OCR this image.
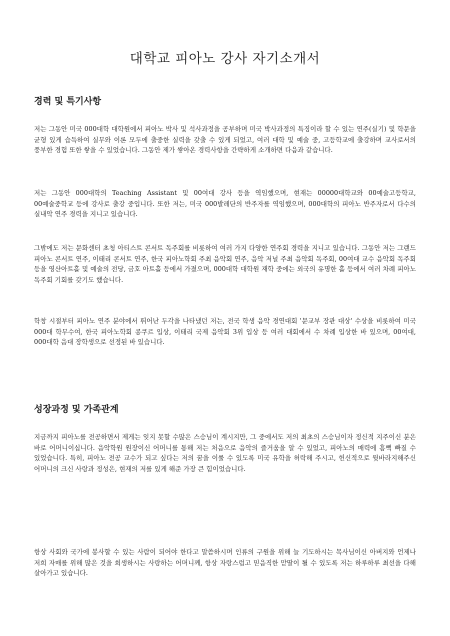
대학교 피아노 강사 자기소개서
경력 및 특기사항

저는 그동안 미국 000대학 대학원에서 피아노 박사 및 석사과정을 공부하며 미국 박사과정의 특징이라 할 수 있는 연주(실기) 및 학문을 균형 있게 습득하여 실무와 이론 모두에 출중한 실력을 갖출 수 있게 되었고, 여러 대학 및 예술 중, 고등학교에 출강하며 교사로서의 풍부한 경험 또한 쌓을 수 있었습니다. 그동안 제가 쌓아온 경력사항을 간략하게 소개하면 다음과 같습니다.

저는 그동안 000대학의 Teaching Assistant 및 00여대 강사 등을 역임했으며, 현재는 00000대학교와 00예술고등학교, 00예술중학교 등에 강사로 출강 중입니다. 또한 저는, 미국 000발레단의 반주자를 역임했으며, 000대학의 피아노 반주자로서 다수의 실내악 연주 경력을 지니고 있습니다.

그밖에도 저는 문화센터 초청 아티스트 콘서트 독주회를 비롯하여 여러 가지 다양한 연주회 경력을 지니고 있습니다. 그동안 저는 그랜드 피아노 콘서트 연주, 이태리 콘서트 연주, 한국 피아노학회 주최 음악회 연주, 음악 저널 주최 음악회 독주회, 00여대 교수 음악회 독주회 등을 영산아트홀 및 예술의 전당, 금호 아트홀 등에서 가졌으며, 000대학 대학원 재학 중에는 외국의 유명한 홀 등에서 여러 차례 피아노 독주회 기회를 갖기도 했습니다.

학창 시절부터 피아노 연주 분야에서 뛰어난 두각을 나타냈던 저는, 전국 학생 음악 경연대회 '문교부 장관 대상' 수상을 비롯하여 미국 000대 학무수여, 한국 피아노학회 콩쿠르 입상, 이태리 국제 음악회 3위 입상 등 여러 대회에서 수 차례 입상한 바 있으며, 00여대, 000대학 음대 장학생으로 선정된 바 있습니다.

성장과정 및 가족관계

지금까지 피아노를 전공하면서 제게는 잊지 못할 수많은 스승님이 계시지만, 그 중에서도 저의 최초의 스승님이자 정신적 지주이신 분은 바로 어머니이십니다. 음악학원 원장이신 어머니를 통해 저는 처음으로 음악의 즐거움을 알 수 있었고, 피아노의 매력에 흠뻑 빠질 수 있었습니다. 특히, 피아노 전공 교수가 되고 싶다는 저의 꿈을 이룰 수 있도록 미국 유학을 허락해 주시고, 헌신적으로 뒷바라지해주신 어머니의 크신 사랑과 정성은, 현재의 저를 있게 해준 가장 큰 힘이었습니다.

항상 사회와 국가에 봉사할 수 있는 사람이 되어야 한다고 말씀하시며 인류의 구원을 위해 늘 기도하시는 목사님이신 아버지와 언제나 저희 자매를 위해 많은 것을 희생하시는 사랑하는 어머니께, 항상 자랑스럽고 믿음직한 맏딸이 될 수 있도록 저는 하루하루 최선을 다해 살아가고 있습니다.
